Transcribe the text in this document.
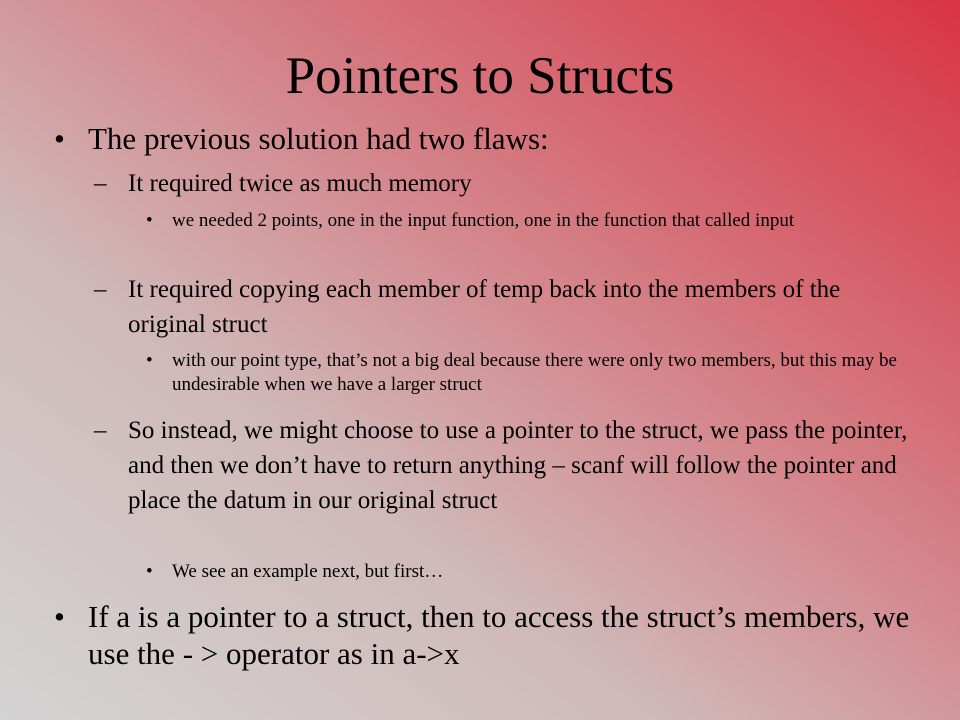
Pointers to Structs
• The previous solution had two flaws:
– It required twice as much memory
• we needed 2 points, one in the input function, one in the function that called input
– It required copying each member of temp back into the members of the original struct
• with our point type, that’s not a big deal because there were only two members, but this may be undesirable when we have a larger struct
– So instead, we might choose to use a pointer to the struct, we pass the pointer, and then we don’t have to return anything – scanf will follow the pointer and place the datum in our original struct
• We see an example next, but first…
• If a is a pointer to a struct, then to access the struct’s members, we use the - > operator as in a->x
